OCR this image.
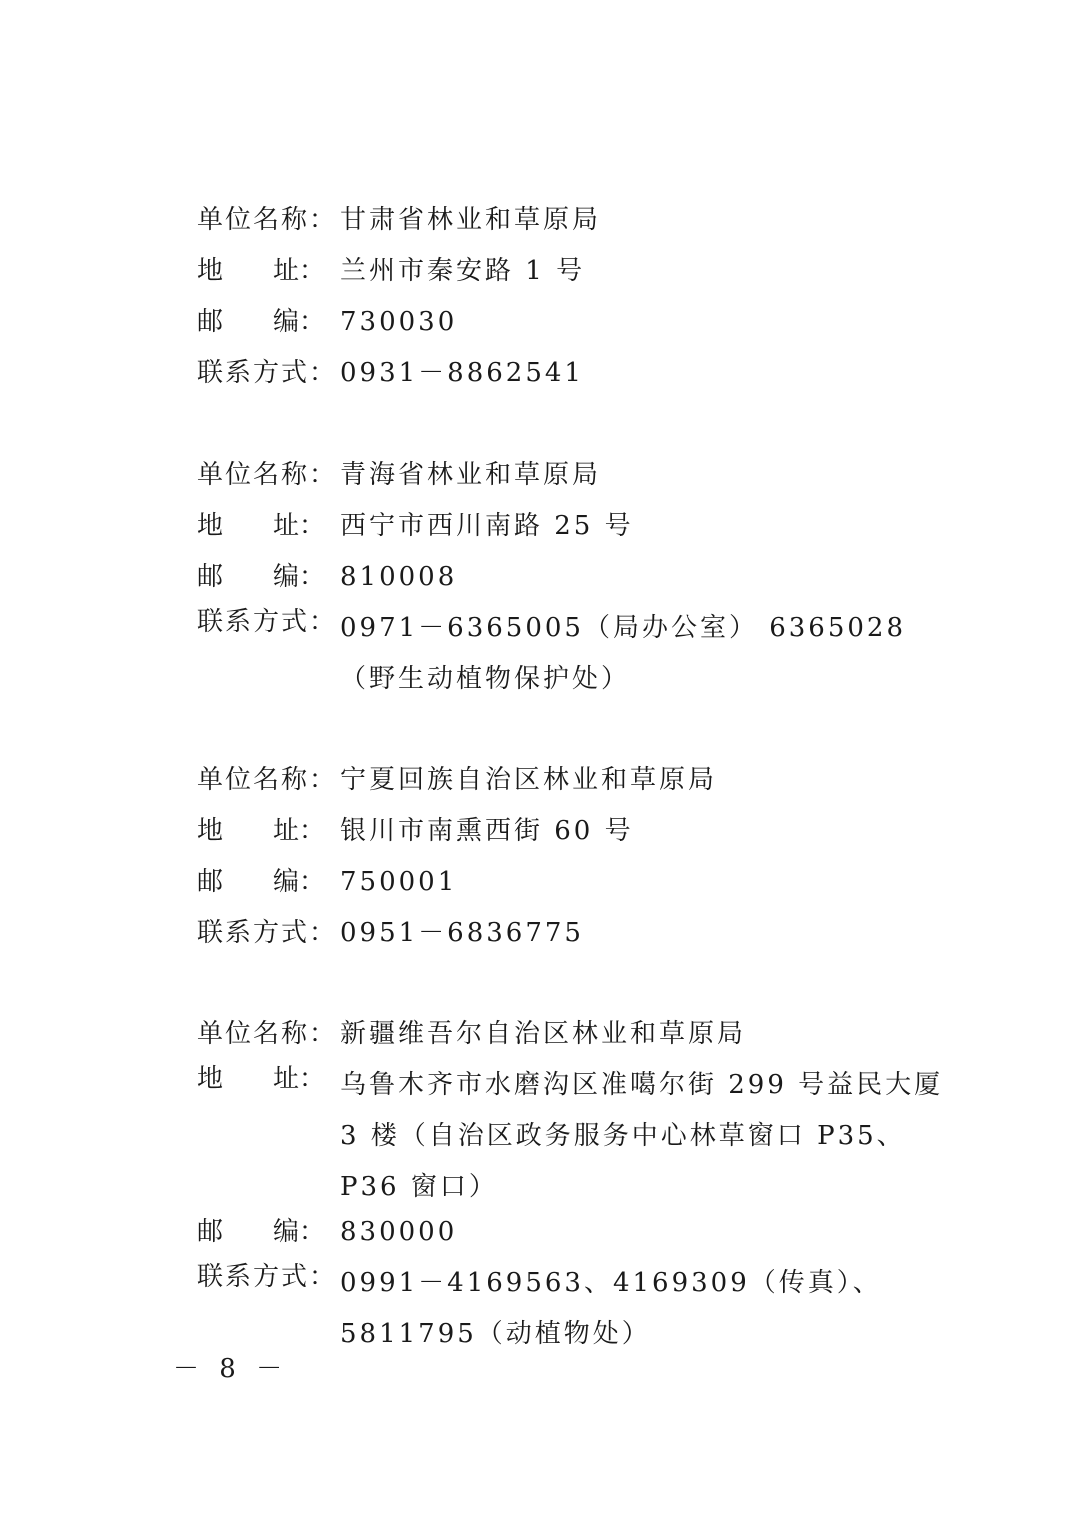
单位名称： 甘肃省林业和草原局
地 址： 兰州市秦安路 1 号
邮 编： 730030
联系方式： 0931－8862541
单位名称： 青海省林业和草原局
地 址： 西宁市西川南路 25 号
邮 编： 810008
联系方式： 0971－6365005（局办公室） 6365028（野生动植物保护处）
单位名称： 宁夏回族自治区林业和草原局
地 址： 银川市南熏西街 60 号
邮 编： 750001
联系方式： 0951－6836775
单位名称： 新疆维吾尔自治区林业和草原局
地 址： 乌鲁木齐市水磨沟区准噶尔街 299 号益民大厦 3 楼（自治区政务服务中心林草窗口 P35、P36 窗口）
邮 编： 830000
联系方式： 0991－4169563、4169309（传真）、5811795（动植物处）
－ 8 －
